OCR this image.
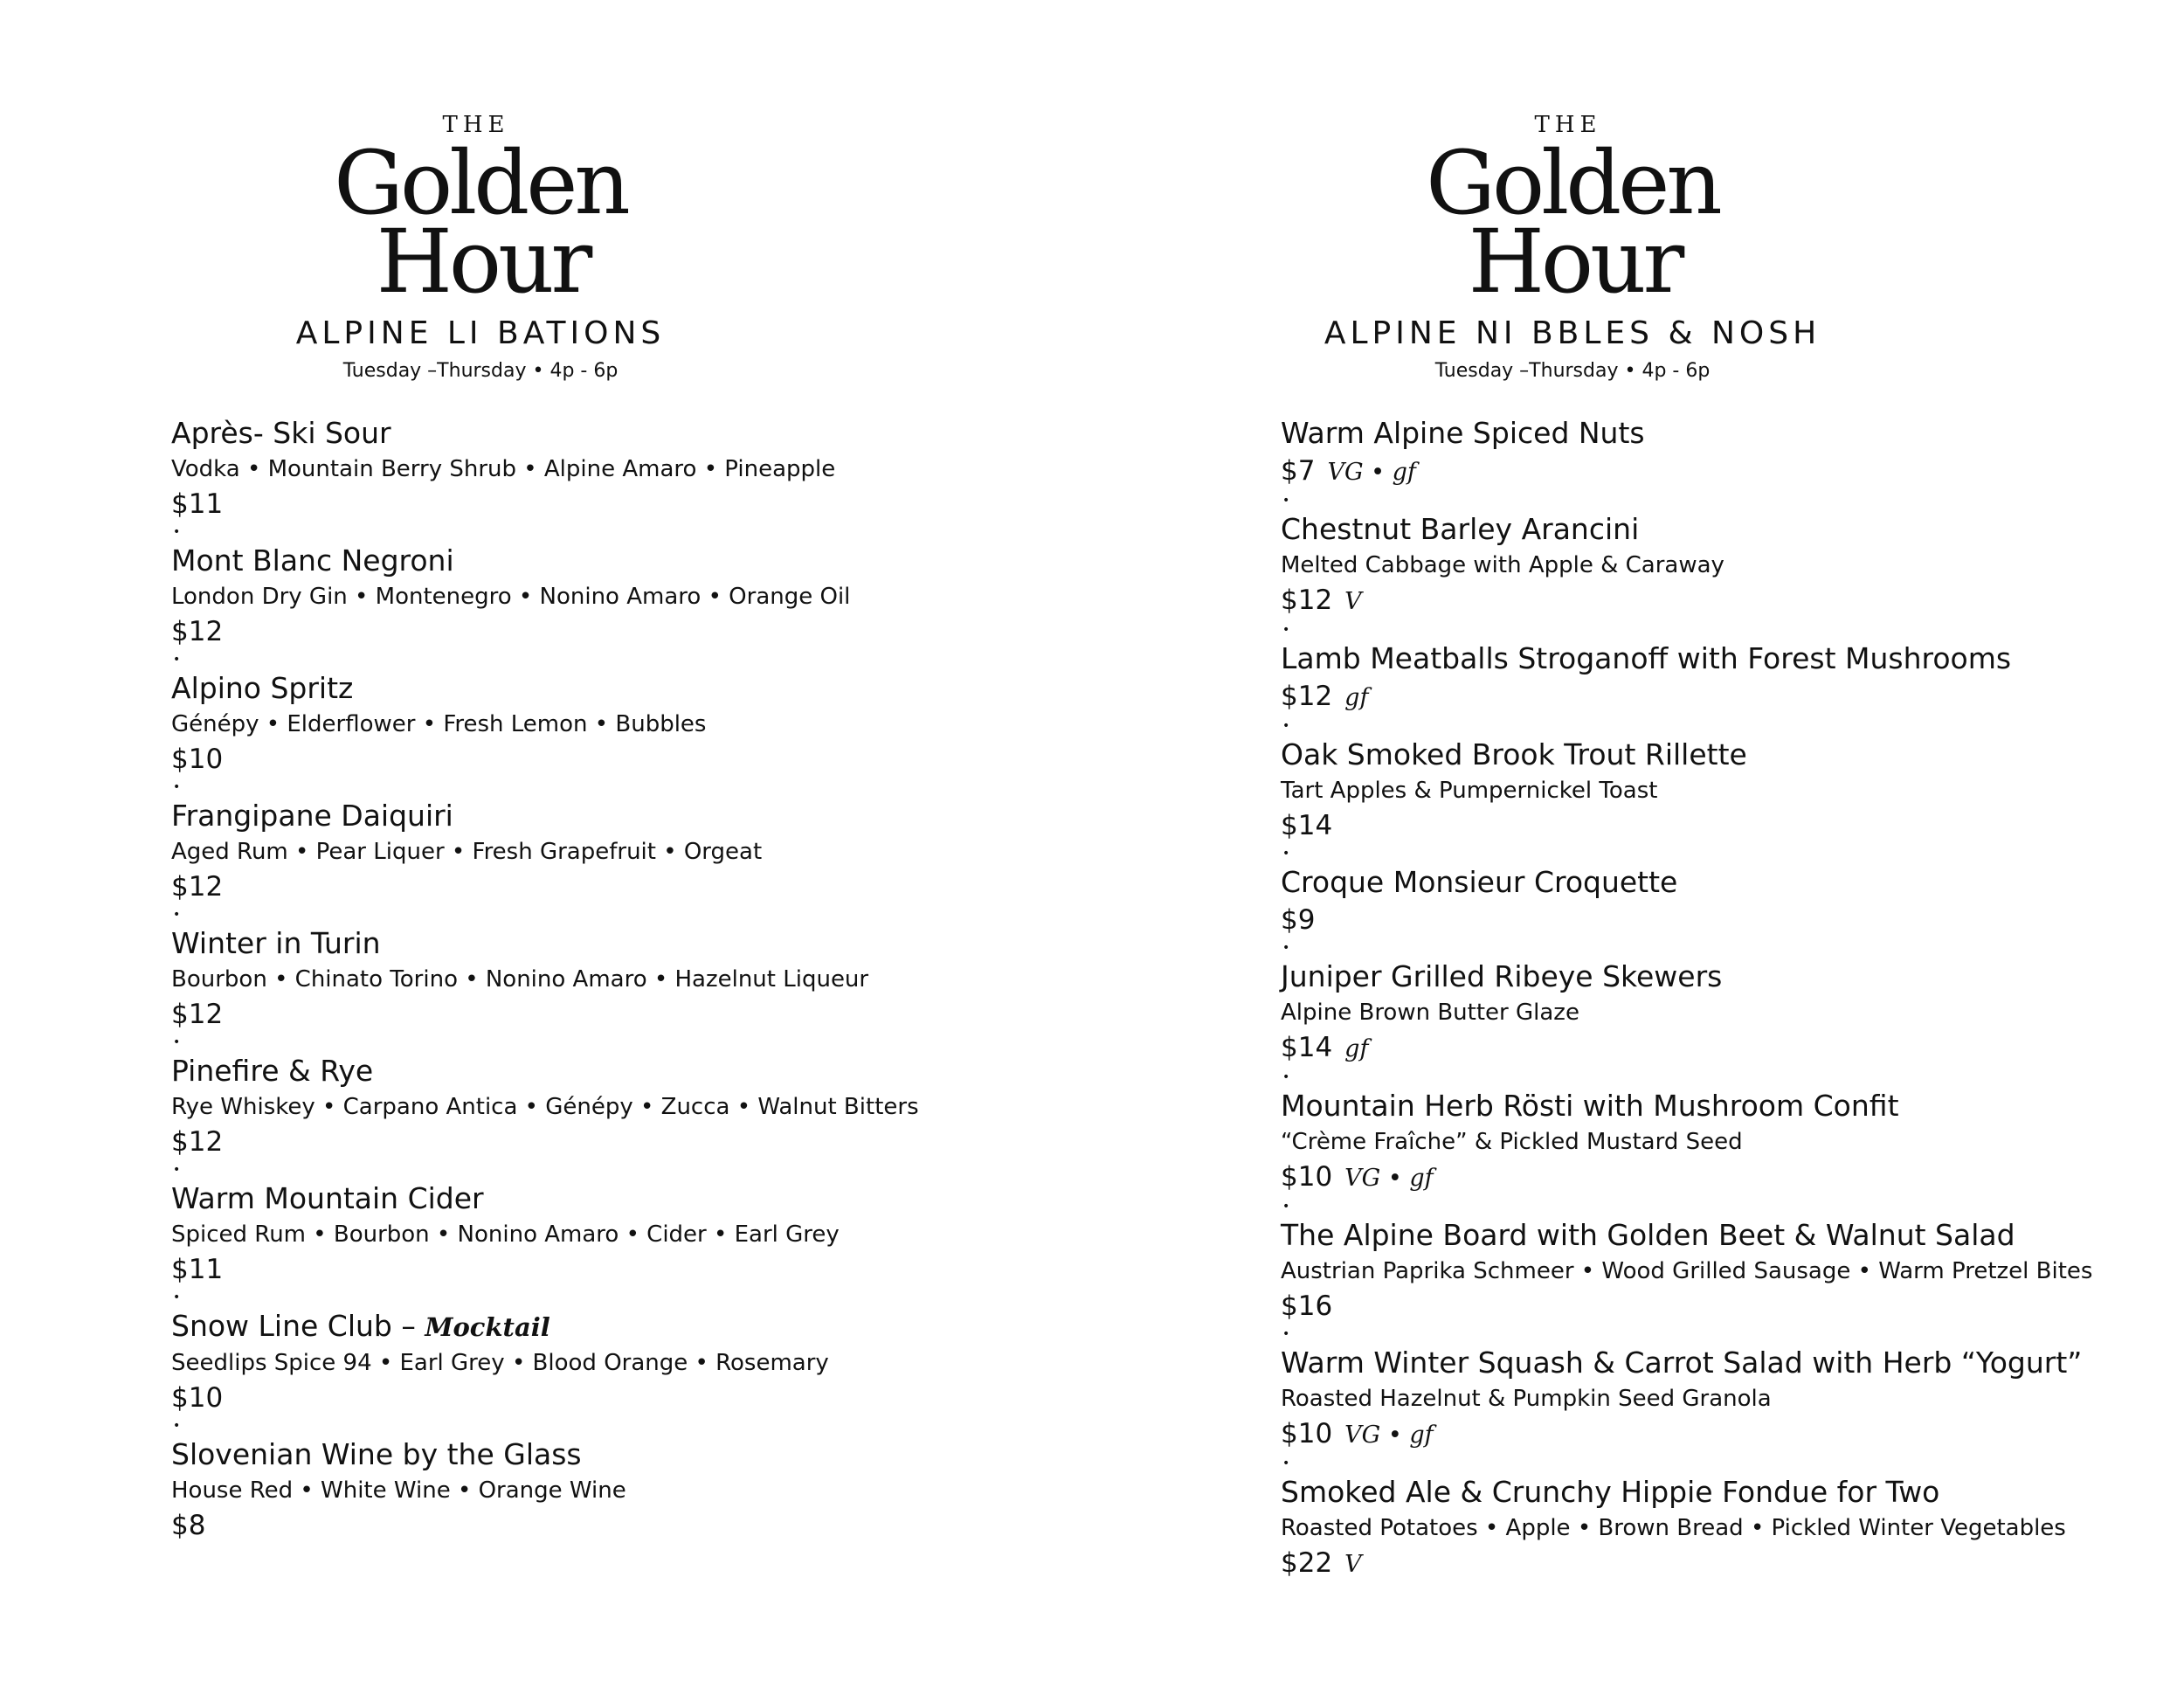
THE
Golden
Hour
ALPINE LI BATIONS
Tuesday –Thursday • 4p - 6p
Après- Ski Sour
Vodka • Mountain Berry Shrub • Alpine Amaro • Pineapple
$11
•
Mont Blanc Negroni
London Dry Gin • Montenegro • Nonino Amaro • Orange Oil
$12
•
Alpino Spritz
Génépy • Elderflower • Fresh Lemon • Bubbles
$10
•
Frangipane Daiquiri
Aged Rum • Pear Liquer • Fresh Grapefruit • Orgeat
$12
•
Winter in Turin
Bourbon • Chinato Torino • Nonino Amaro • Hazelnut Liqueur
$12
•
Pinefire & Rye
Rye Whiskey • Carpano Antica • Génépy • Zucca • Walnut Bitters
$12
•
Warm Mountain Cider
Spiced Rum • Bourbon • Nonino Amaro • Cider • Earl Grey
$11
•
Snow Line Club – Mocktail
Seedlips Spice 94 • Earl Grey • Blood Orange • Rosemary
$10
•
Slovenian Wine by the Glass
House Red • White Wine • Orange Wine
$8
THE
Golden
Hour
ALPINE NI BBLES & NOSH
Tuesday –Thursday • 4p - 6p
Warm Alpine Spiced Nuts
$7 VG • gf
•
Chestnut Barley Arancini
Melted Cabbage with Apple & Caraway
$12 V
•
Lamb Meatballs Stroganoff with Forest Mushrooms
$12 gf
•
Oak Smoked Brook Trout Rillette
Tart Apples & Pumpernickel Toast
$14
•
Croque Monsieur Croquette
$9
•
Juniper Grilled Ribeye Skewers
Alpine Brown Butter Glaze
$14 gf
•
Mountain Herb Rösti with Mushroom Confit
“Crème Fraîche” & Pickled Mustard Seed
$10 VG • gf
•
The Alpine Board with Golden Beet & Walnut Salad
Austrian Paprika Schmeer • Wood Grilled Sausage • Warm Pretzel Bites
$16
•
Warm Winter Squash & Carrot Salad with Herb “Yogurt”
Roasted Hazelnut & Pumpkin Seed Granola
$10 VG • gf
•
Smoked Ale & Crunchy Hippie Fondue for Two
Roasted Potatoes • Apple • Brown Bread • Pickled Winter Vegetables
$22 V
